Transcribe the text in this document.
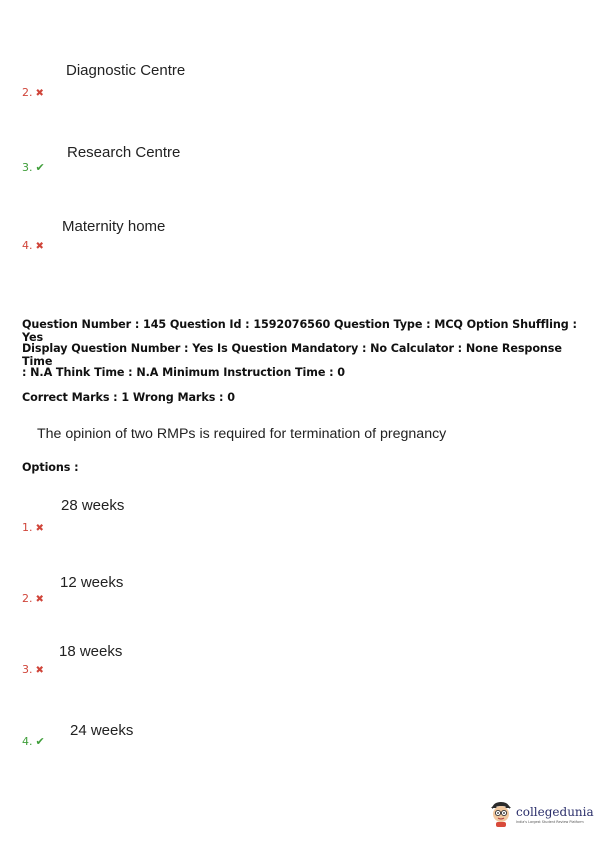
Diagnostic Centre
2. ✖
Research Centre
3. ✔
Maternity home
4. ✖
Question Number : 145 Question Id : 1592076560 Question Type : MCQ Option Shuffling : Yes
Display Question Number : Yes Is Question Mandatory : No Calculator : None Response Time
: N.A Think Time : N.A Minimum Instruction Time : 0
Correct Marks : 1 Wrong Marks : 0
The opinion of two RMPs is required for termination of pregnancy
Options :
28 weeks
1. ✖
12 weeks
2. ✖
18 weeks
3. ✖
24 weeks
4. ✔
collegedunia
India's Largest Student Review Platform
